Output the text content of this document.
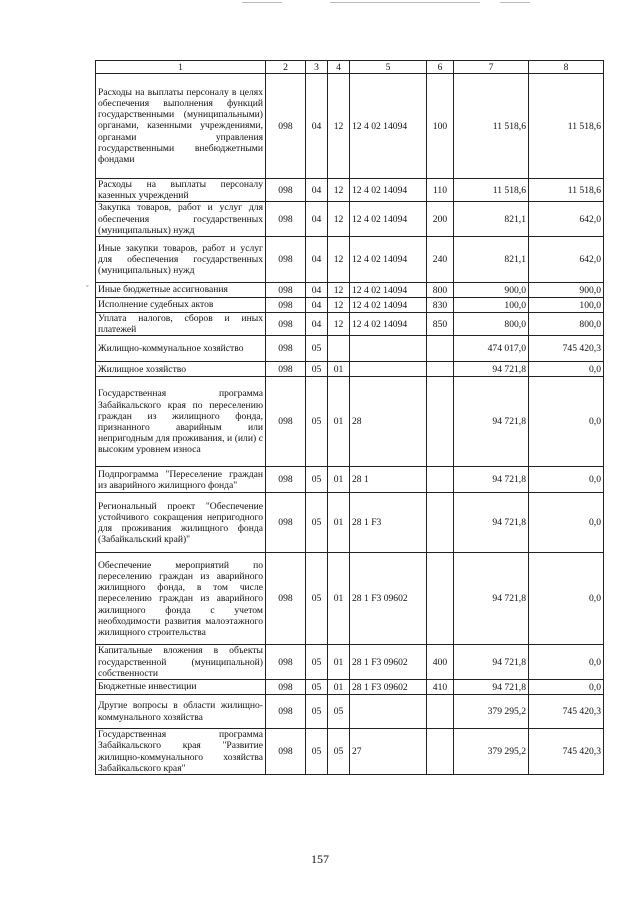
ˇ
1	2	3	4	5	6	7	8
Расходы на выплаты персоналу в целях обеспечения выполнения функций государственными (муниципальными) органами, казенными учреждениями, органами управления государственными внебюджетными фондами	098	04	12	12 4 02 14094	100	11 518,6	11 518,6
Расходы на выплаты персоналу казенных учреждений	098	04	12	12 4 02 14094	110	11 518,6	11 518,6
Закупка товаров, работ и услуг для обеспечения государственных (муниципальных) нужд	098	04	12	12 4 02 14094	200	821,1	642,0
Иные закупки товаров, работ и услуг для обеспечения государственных (муниципальных) нужд	098	04	12	12 4 02 14094	240	821,1	642,0
Иные бюджетные ассигнования	098	04	12	12 4 02 14094	800	900,0	900,0
Исполнение судебных актов	098	04	12	12 4 02 14094	830	100,0	100,0
Уплата налогов, сборов и иных платежей	098	04	12	12 4 02 14094	850	800,0	800,0
Жилищно-коммунальное хозяйство	098	05				474 017,0	745 420,3
Жилищное хозяйство	098	05	01			94 721,8	0,0
Государственная программа Забайкальского края по переселению граждан из жилищного фонда, признанного аварийным или непригодным для проживания, и (или) с высоким уровнем износа	098	05	01	28		94 721,8	0,0
Подпрограмма "Переселение граждан из аварийного жилищного фонда"	098	05	01	28 1		94 721,8	0,0
Региональный проект "Обеспечение устойчивого сокращения непригодного для проживания жилищного фонда (Забайкальский край)"	098	05	01	28 1 F3		94 721,8	0,0
Обеспечение мероприятий по переселению граждан из аварийного жилищного фонда, в том числе переселению граждан из аварийного жилищного фонда с учетом необходимости развития малоэтажного жилищного строительства	098	05	01	28 1 F3 09602		94 721,8	0,0
Капитальные вложения в объекты государственной (муниципальной) собственности	098	05	01	28 1 F3 09602	400	94 721,8	0,0
Бюджетные инвестиции	098	05	01	28 1 F3 09602	410	94 721,8	0,0
Другие вопросы в области жилищно-коммунального хозяйства	098	05	05			379 295,2	745 420,3
Государственная программа Забайкальского края "Развитие жилищно-коммунального хозяйства Забайкальского края"	098	05	05	27		379 295,2	745 420,3
157
